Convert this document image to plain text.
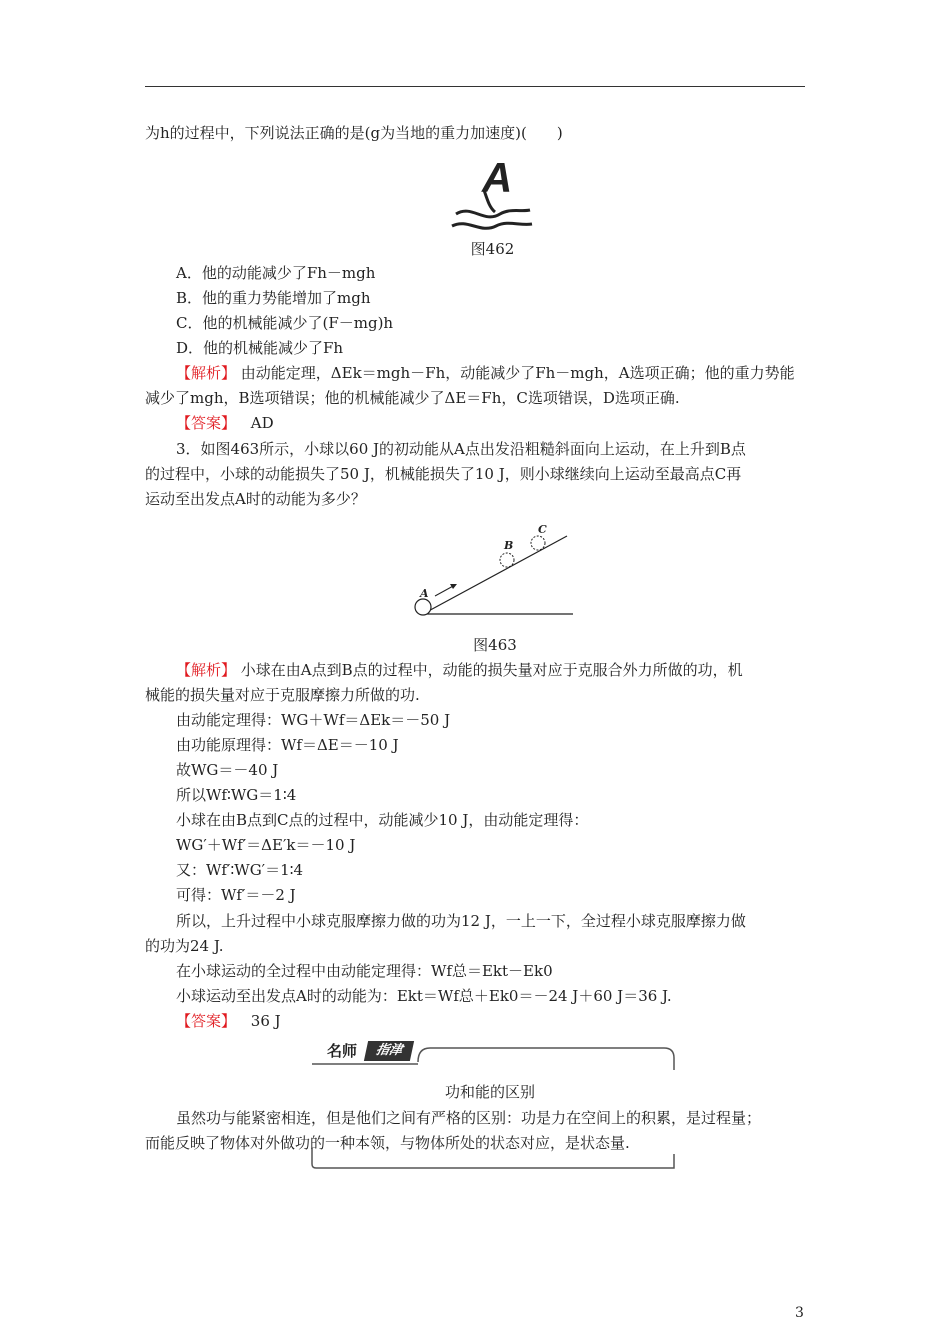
为h的过程中，下列说法正确的是(g为当地的重力加速度)(　　)
A
图462
A．他的动能减少了Fh－mgh
B．他的重力势能增加了mgh
C．他的机械能减少了(F－mg)h
D．他的机械能减少了Fh
【解析】 由动能定理，ΔEk＝mgh－Fh，动能减少了Fh－mgh，A选项正确；他的重力势能
减少了mgh，B选项错误；他的机械能减少了ΔE＝Fh，C选项错误，D选项正确.
【答案】 AD
3．如图463所示，小球以60 J的初动能从A点出发沿粗糙斜面向上运动，在上升到B点
的过程中，小球的动能损失了50 J，机械能损失了10 J，则小球继续向上运动至最高点C再
运动至出发点A时的动能为多少？
A
B
C
图463
【解析】 小球在由A点到B点的过程中，动能的损失量对应于克服合外力所做的功，机
械能的损失量对应于克服摩擦力所做的功.
由动能定理得：WG＋Wf＝ΔEk＝－50 J
由功能原理得：Wf＝ΔE＝－10 J
故WG＝－40 J
所以Wf∶WG＝1∶4
小球在由B点到C点的过程中，动能减少10 J，由动能定理得：
WG′＋Wf′＝ΔE′k＝－10 J
又：Wf′∶WG′＝1∶4
可得：Wf′＝－2 J
所以，上升过程中小球克服摩擦力做的功为12 J，一上一下，全过程小球克服摩擦力做
的功为24 J.
在小球运动的全过程中由动能定理得：Wf总＝Ekt－Ek0
小球运动至出发点A时的动能为：Ekt＝Wf总＋Ek0＝－24 J＋60 J＝36 J.
【答案】 36 J
名师	指津
功和能的区别
虽然功与能紧密相连，但是他们之间有严格的区别：功是力在空间上的积累，是过程量；
而能反映了物体对外做功的一种本领，与物体所处的状态对应，是状态量.
3
